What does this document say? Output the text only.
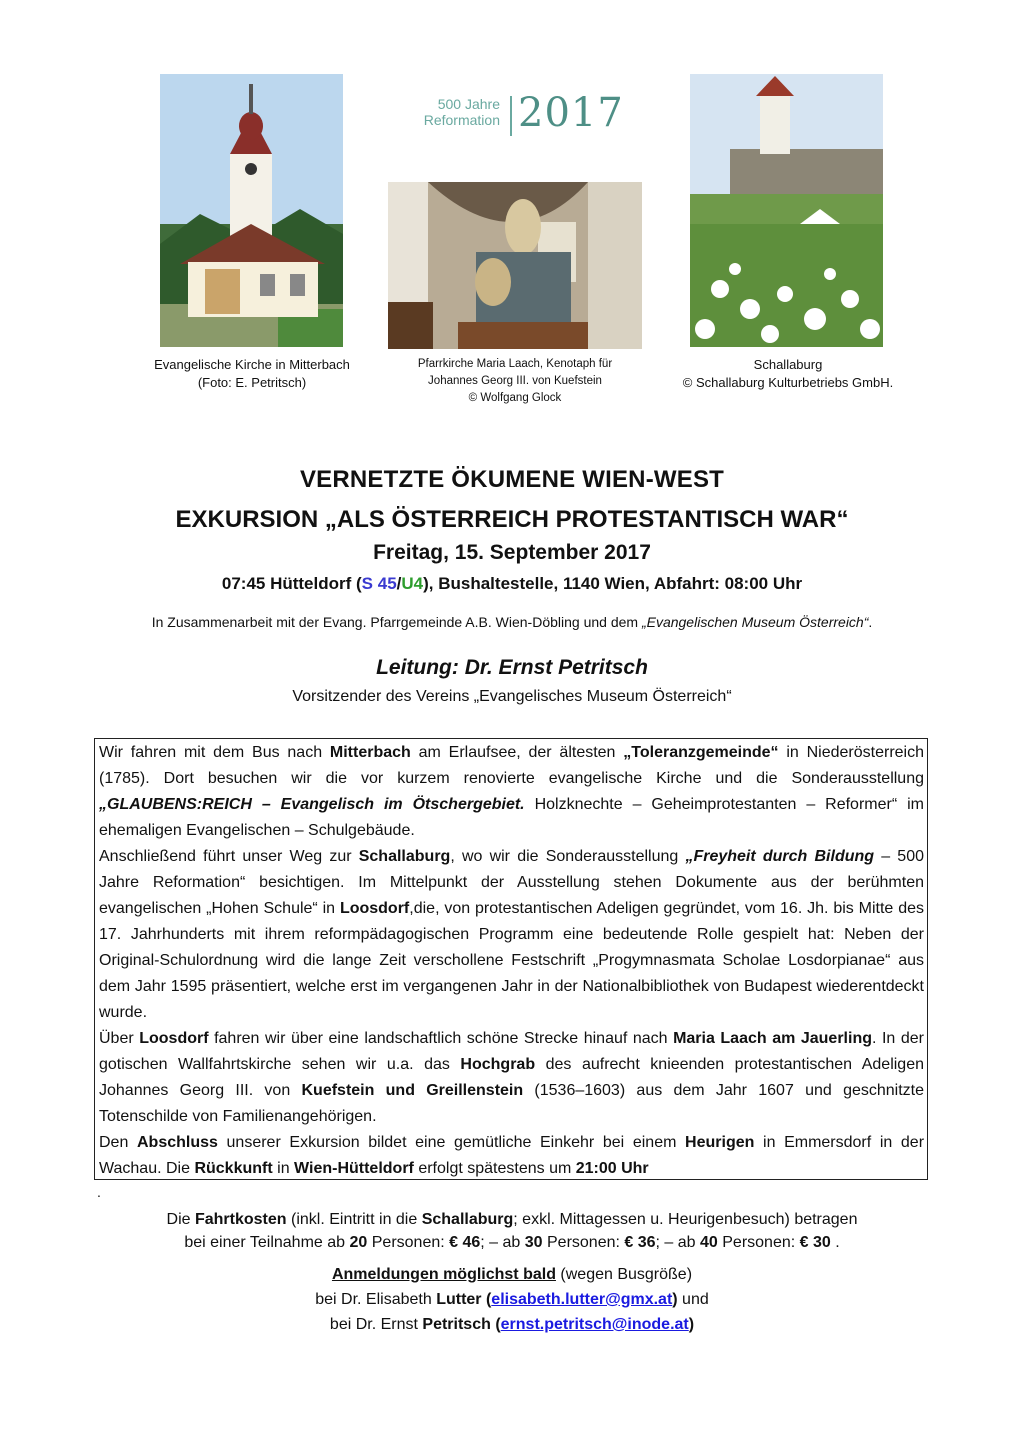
500 Jahre
Reformation 2017
Evangelische Kirche in Mitterbach
(Foto: E. Petritsch)
Pfarrkirche Maria Laach, Kenotaph für
Johannes Georg III. von Kuefstein
© Wolfgang Glock
Schallaburg
© Schallaburg Kulturbetriebs GmbH.
VERNETZTE ÖKUMENE WIEN-WEST
EXKURSION „ALS ÖSTERREICH PROTESTANTISCH WAR“
Freitag, 15. September 2017
07:45 Hütteldorf (S 45/U4), Bushaltestelle, 1140 Wien, Abfahrt: 08:00 Uhr
In Zusammenarbeit mit der Evang. Pfarrgemeinde A.B. Wien-Döbling und dem „Evangelischen Museum Österreich“.
Leitung: Dr. Ernst Petritsch
Vorsitzender des Vereins „Evangelisches Museum Österreich“

Wir fahren mit dem Bus nach Mitterbach am Erlaufsee, der ältesten „Toleranzgemeinde“ in Niederösterreich (1785). Dort besuchen wir die vor kurzem renovierte evangelische Kirche und die Sonderausstellung „GLAUBENS:REICH – Evangelisch im Ötschergebiet. Holzknechte – Geheimprotestanten – Reformer“ im ehemaligen Evangelischen – Schulgebäude.

Anschließend führt unser Weg zur Schallaburg, wo wir die Sonderausstellung „Freyheit durch Bildung – 500 Jahre Reformation“ besichtigen. Im Mittelpunkt der Ausstellung stehen Dokumente aus der berühmten evangelischen „Hohen Schule“ in Loosdorf,die, von protestantischen Adeligen gegründet, vom 16. Jh. bis Mitte des 17. Jahrhunderts mit ihrem reformpädagogischen Programm eine bedeutende Rolle gespielt hat: Neben der Original-Schulordnung wird die lange Zeit verschollene Festschrift „Progymnasmata Scholae Losdorpianae“ aus dem Jahr 1595 präsentiert, welche erst im vergangenen Jahr in der Nationalbibliothek von Budapest wiederentdeckt wurde.

Über Loosdorf fahren wir über eine landschaftlich schöne Strecke hinauf nach Maria Laach am Jauerling. In der gotischen Wallfahrtskirche sehen wir u.a. das Hochgrab des aufrecht knieenden protestantischen Adeligen Johannes Georg III. von Kuefstein und Greillenstein (1536–1603) aus dem Jahr 1607 und geschnitzte Totenschilde von Familienangehörigen.

Den Abschluss unserer Exkursion bildet eine gemütliche Einkehr bei einem Heurigen in Emmersdorf in der Wachau. Die Rückkunft in Wien-Hütteldorf erfolgt spätestens um 21:00 Uhr

.
Die Fahrtkosten (inkl. Eintritt in die Schallaburg; exkl. Mittagessen u. Heurigenbesuch) betragen
bei einer Teilnahme ab 20 Personen: € 46; – ab 30 Personen: € 36; – ab 40 Personen: € 30 .
Anmeldungen möglichst bald (wegen Busgröße)
bei Dr. Elisabeth Lutter (elisabeth.lutter@gmx.at) und
bei Dr. Ernst Petritsch (ernst.petritsch@inode.at)
